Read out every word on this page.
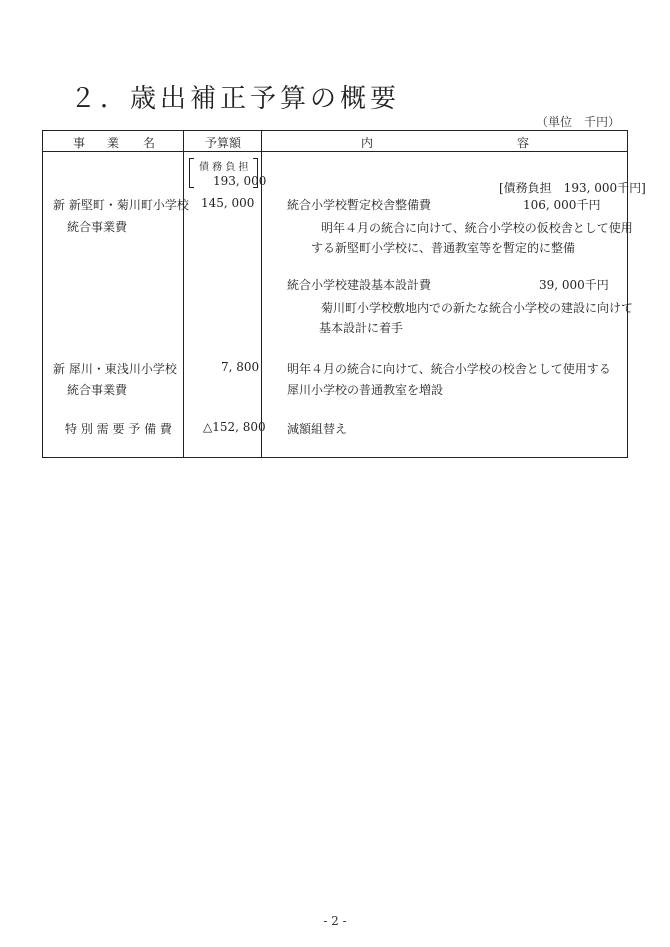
２．歳出補正予算の概要
（単位　千円）
事 業 名	予算額	内	容
債 務 負 担
193, 000	[債務負担　193, 000千円]
新 新堅町・菊川町小学校
統合事業費
145, 000	統合小学校暫定校舎整備費	106, 000千円
明年４月の統合に向けて、統合小学校の仮校舎として使用
する新堅町小学校に、普通教室等を暫定的に整備
統合小学校建設基本設計費	39, 000千円
菊川町小学校敷地内での新たな統合小学校の建設に向けて
基本設計に着手
新 犀川・東浅川小学校
統合事業費
7, 800 明年４月の統合に向けて、統合小学校の校舎として使用する
犀川小学校の普通教室を増設
特 別 需 要 予 備 費	△152, 800 減額組替え
- 2 -
